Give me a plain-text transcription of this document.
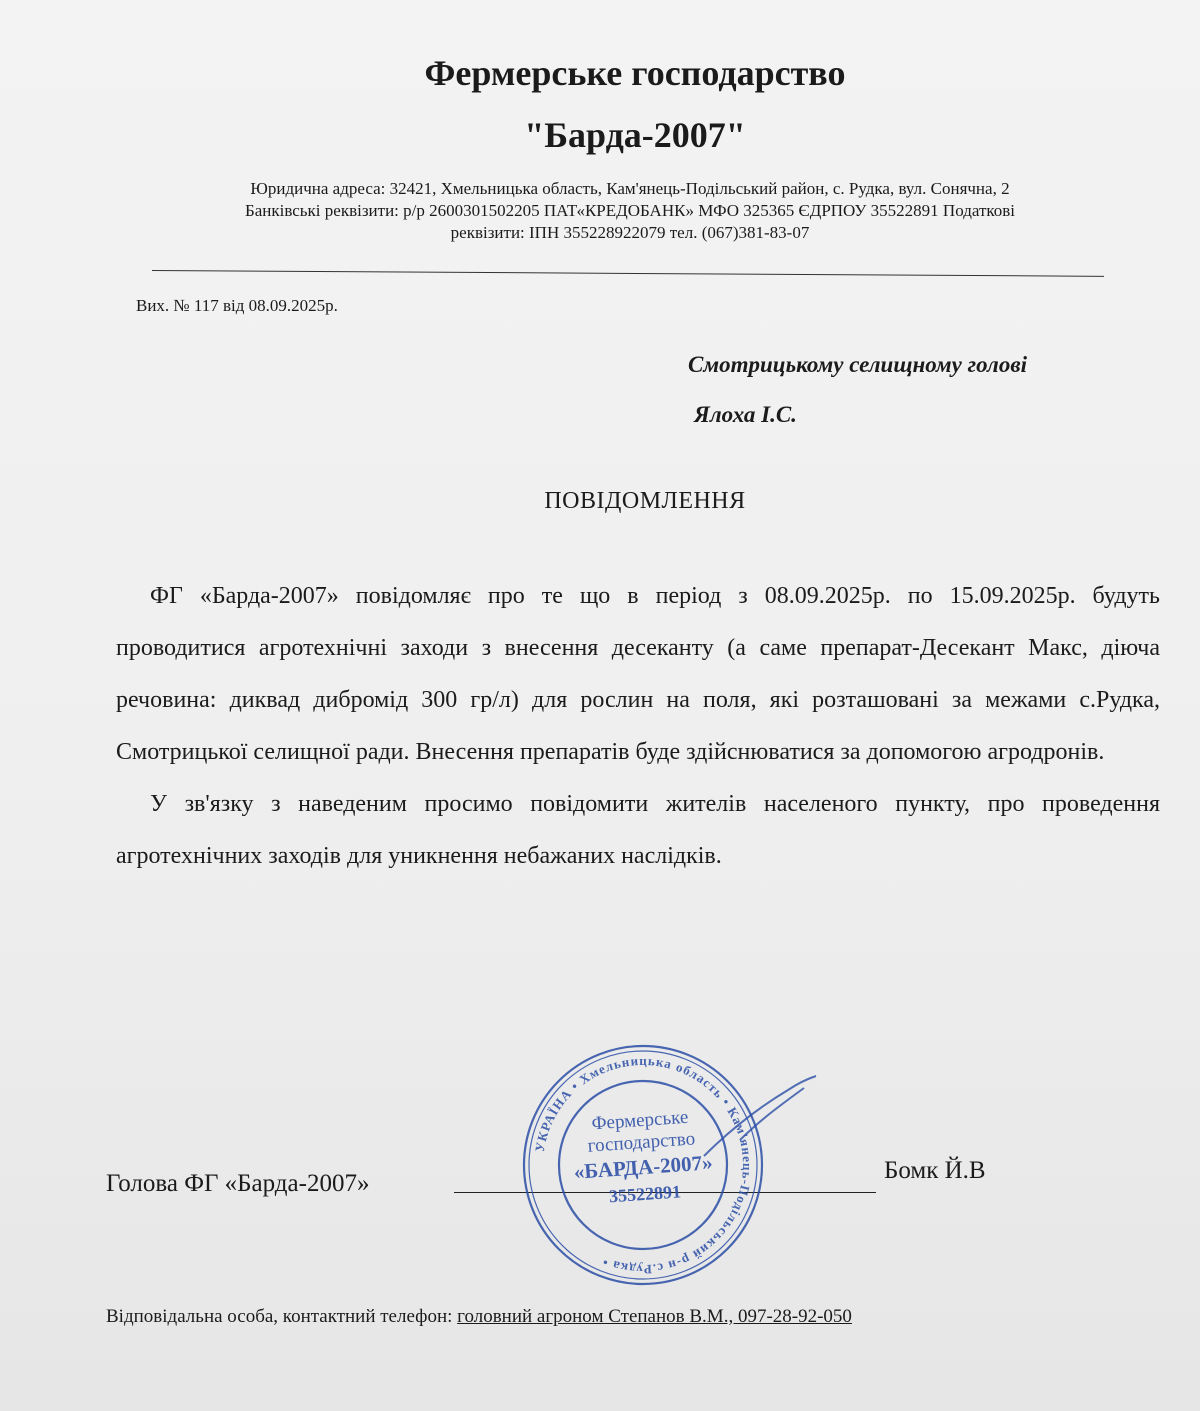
Фермерське господарство
"Барда-2007"
Юридична адреса: 32421, Хмельницька область, Кам'янець-Подільський район, с. Рудка, вул. Сонячна, 2
Банківські реквізити: р/р 2600301502205 ПАТ«КРЕДОБАНК» МФО 325365 ЄДРПОУ 35522891 Податкові
реквізити: ІПН 355228922079 тел. (067)381-83-07
Вих. № 117 від 08.09.2025р.
Смотрицькому селищному голові
Ялоха І.С.
ПОВІДОМЛЕННЯ

ФГ «Барда-2007» повідомляє про те що в період з 08.09.2025р. по 15.09.2025р. будуть проводитися агротехнічні заходи з внесення десеканту (а саме препарат-Десекант Макс, діюча речовина: диквад дибромід 300 гр/л) для рослин на поля, які розташовані за межами с.Рудка, Смотрицької селищної ради. Внесення препаратів буде здійснюватися за допомогою агродронів.

У зв'язку з наведеним просимо повідомити жителів населеного пункту, про проведення агротехнічних заходів для уникнення небажаних наслідків.

Голова ФГ «Барда-2007»	Бомк Й.В
УКРАЇНА • Хмельницька область • Кам'янець-Подільський р-н с.Рудка •
Фермерське
господарство
«БАРДА-2007»
35522891
Відповідальна особа, контактний телефон: головний агроном Степанов В.М., 097-28-92-050
